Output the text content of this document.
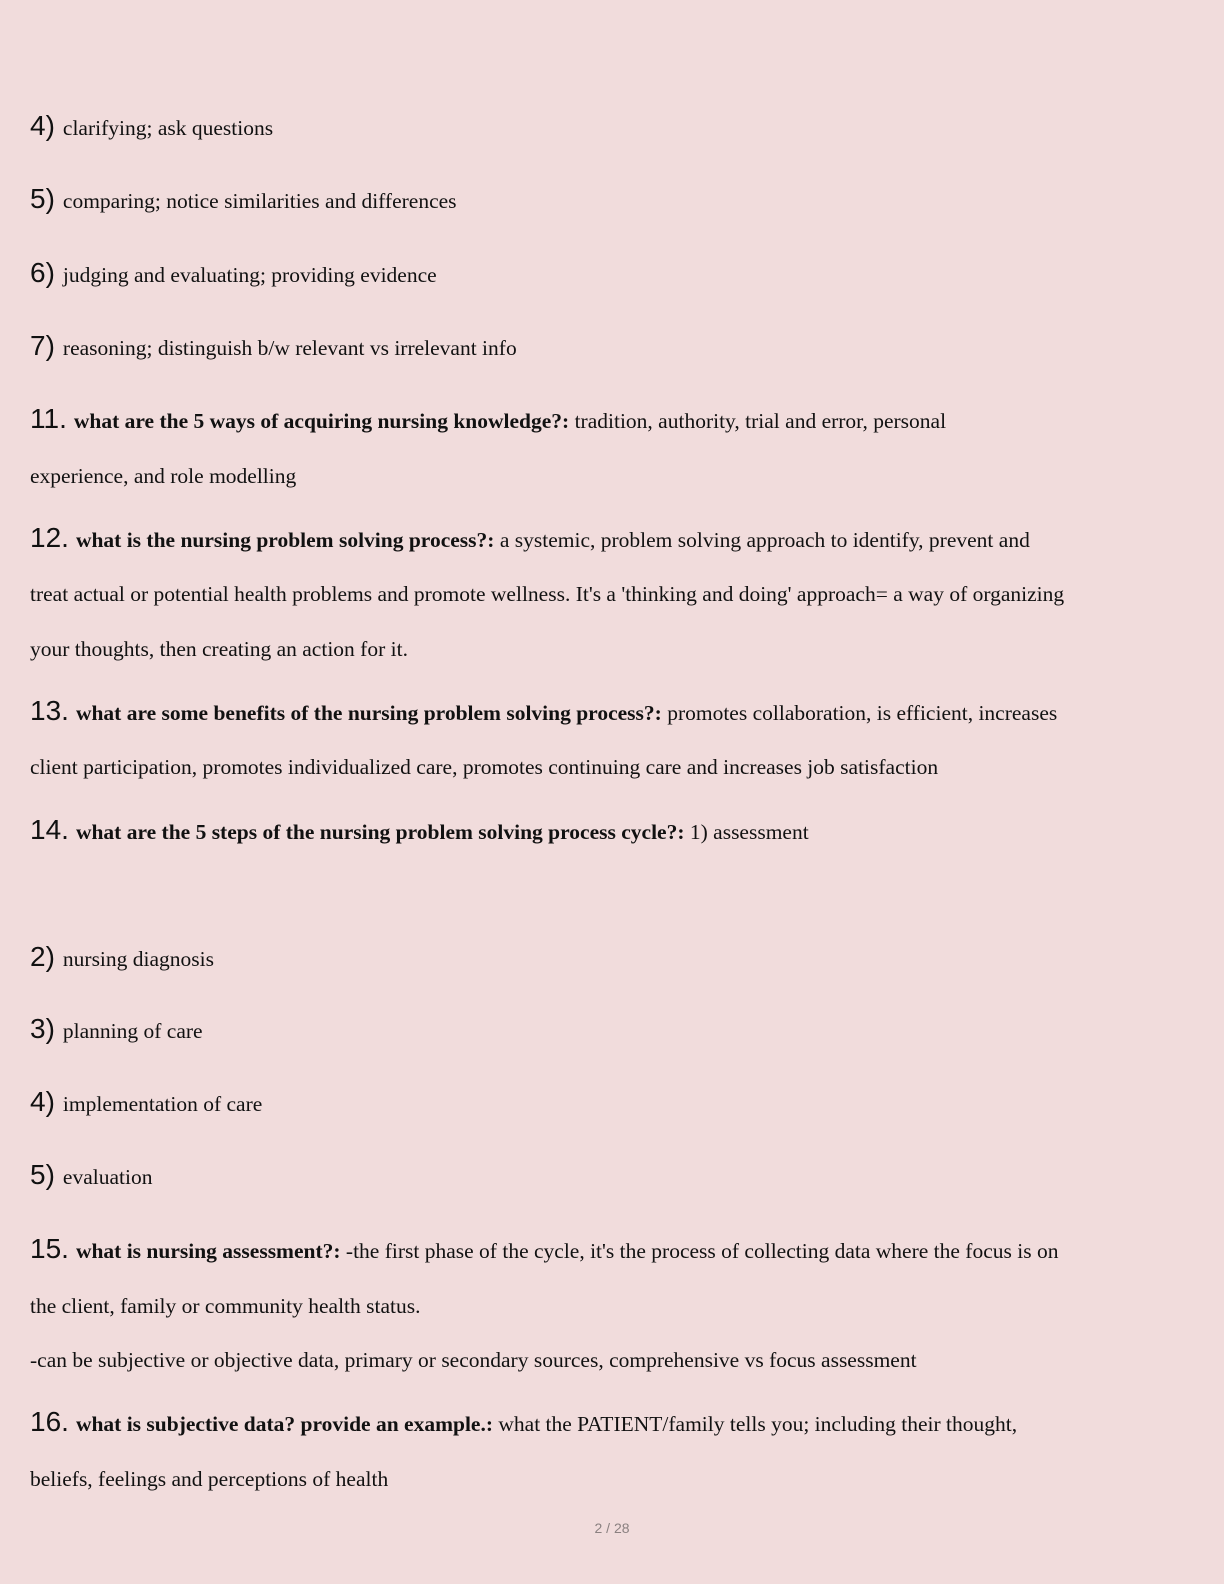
4) clarifying; ask questions
5) comparing; notice similarities and differences
6) judging and evaluating; providing evidence
7) reasoning; distinguish b/w relevant vs irrelevant info
11. what are the 5 ways of acquiring nursing knowledge?: tradition, authority, trial and error, personal
experience, and role modelling
12. what is the nursing problem solving process?: a systemic, problem solving approach to identify, prevent and
treat actual or potential health problems and promote wellness. It's a 'thinking and doing' approach= a way of organizing
your thoughts, then creating an action for it.
13. what are some benefits of the nursing problem solving process?: promotes collaboration, is efficient, increases
client participation, promotes individualized care, promotes continuing care and increases job satisfaction
14. what are the 5 steps of the nursing problem solving process cycle?: 1) assessment
2) nursing diagnosis
3) planning of care
4) implementation of care
5) evaluation
15. what is nursing assessment?: -the first phase of the cycle, it's the process of collecting data where the focus is on
the client, family or community health status.
-can be subjective or objective data, primary or secondary sources, comprehensive vs focus assessment
16. what is subjective data? provide an example.: what the PATIENT/family tells you; including their thought,
beliefs, feelings and perceptions of health
2 / 28
